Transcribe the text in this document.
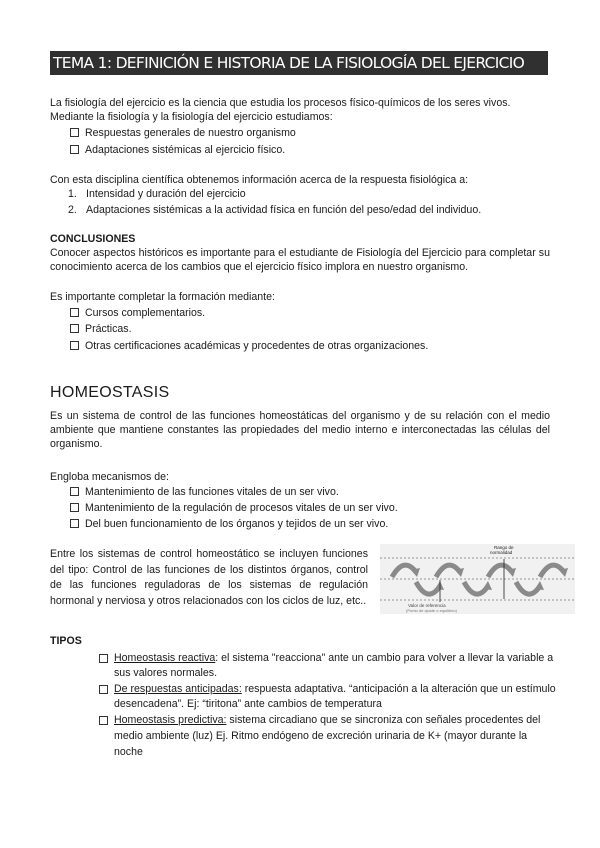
TEMA 1: DEFINICIÓN E HISTORIA DE LA FISIOLOGÍA DEL EJERCICIO
La fisiología del ejercicio es la ciencia que estudia los procesos físico-químicos de los seres vivos.
Mediante la fisiología y la fisiología del ejercicio estudiamos:
Respuestas generales de nuestro organismo
Adaptaciones sistémicas al ejercicio físico.
Con esta disciplina científica obtenemos información acerca de la respuesta fisiológica a:
1. Intensidad y duración del ejercicio
2. Adaptaciones sistémicas a la actividad física en función del peso/edad del individuo.
CONCLUSIONES

Conocer aspectos históricos es importante para el estudiante de Fisiología del Ejercicio para completar su conocimiento acerca de los cambios que el ejercicio físico implora en nuestro organismo.

Es importante completar la formación mediante:
Cursos complementarios.
Prácticas.
Otras certificaciones académicas y procedentes de otras organizaciones.
HOMEOSTASIS

Es un sistema de control de las funciones homeostáticas del organismo y de su relación con el medio ambiente que mantiene constantes las propiedades del medio interno e interconectadas las células del organismo.

Engloba mecanismos de:
Mantenimiento de las funciones vitales de un ser vivo.
Mantenimiento de la regulación de procesos vitales de un ser vivo.
Del buen funcionamiento de los órganos y tejidos de un ser vivo.

Entre los sistemas de control homeostático se incluyen funciones del tipo: Control de las funciones de los distintos órganos, control de las funciones reguladoras de los sistemas de regulación hormonal y nerviosa y otros relacionados con los ciclos de luz, etc..

Rango de
normalidad
Valor de referencia
(Punto de ajuste o equilibrio)
TIPOS
Homeostasis reactiva: el sistema "reacciona" ante un cambio para volver a llevar la variable a
sus valores normales.
De respuestas anticipadas: respuesta adaptativa. “anticipación a la alteración que un estímulo
desencadena”. Ej: “tiritona” ante cambios de temperatura
Homeostasis predictiva: sistema circadiano que se sincroniza con señales procedentes del
medio ambiente (luz) Ej. Ritmo endógeno de excreción urinaria de K+ (mayor durante la
noche
